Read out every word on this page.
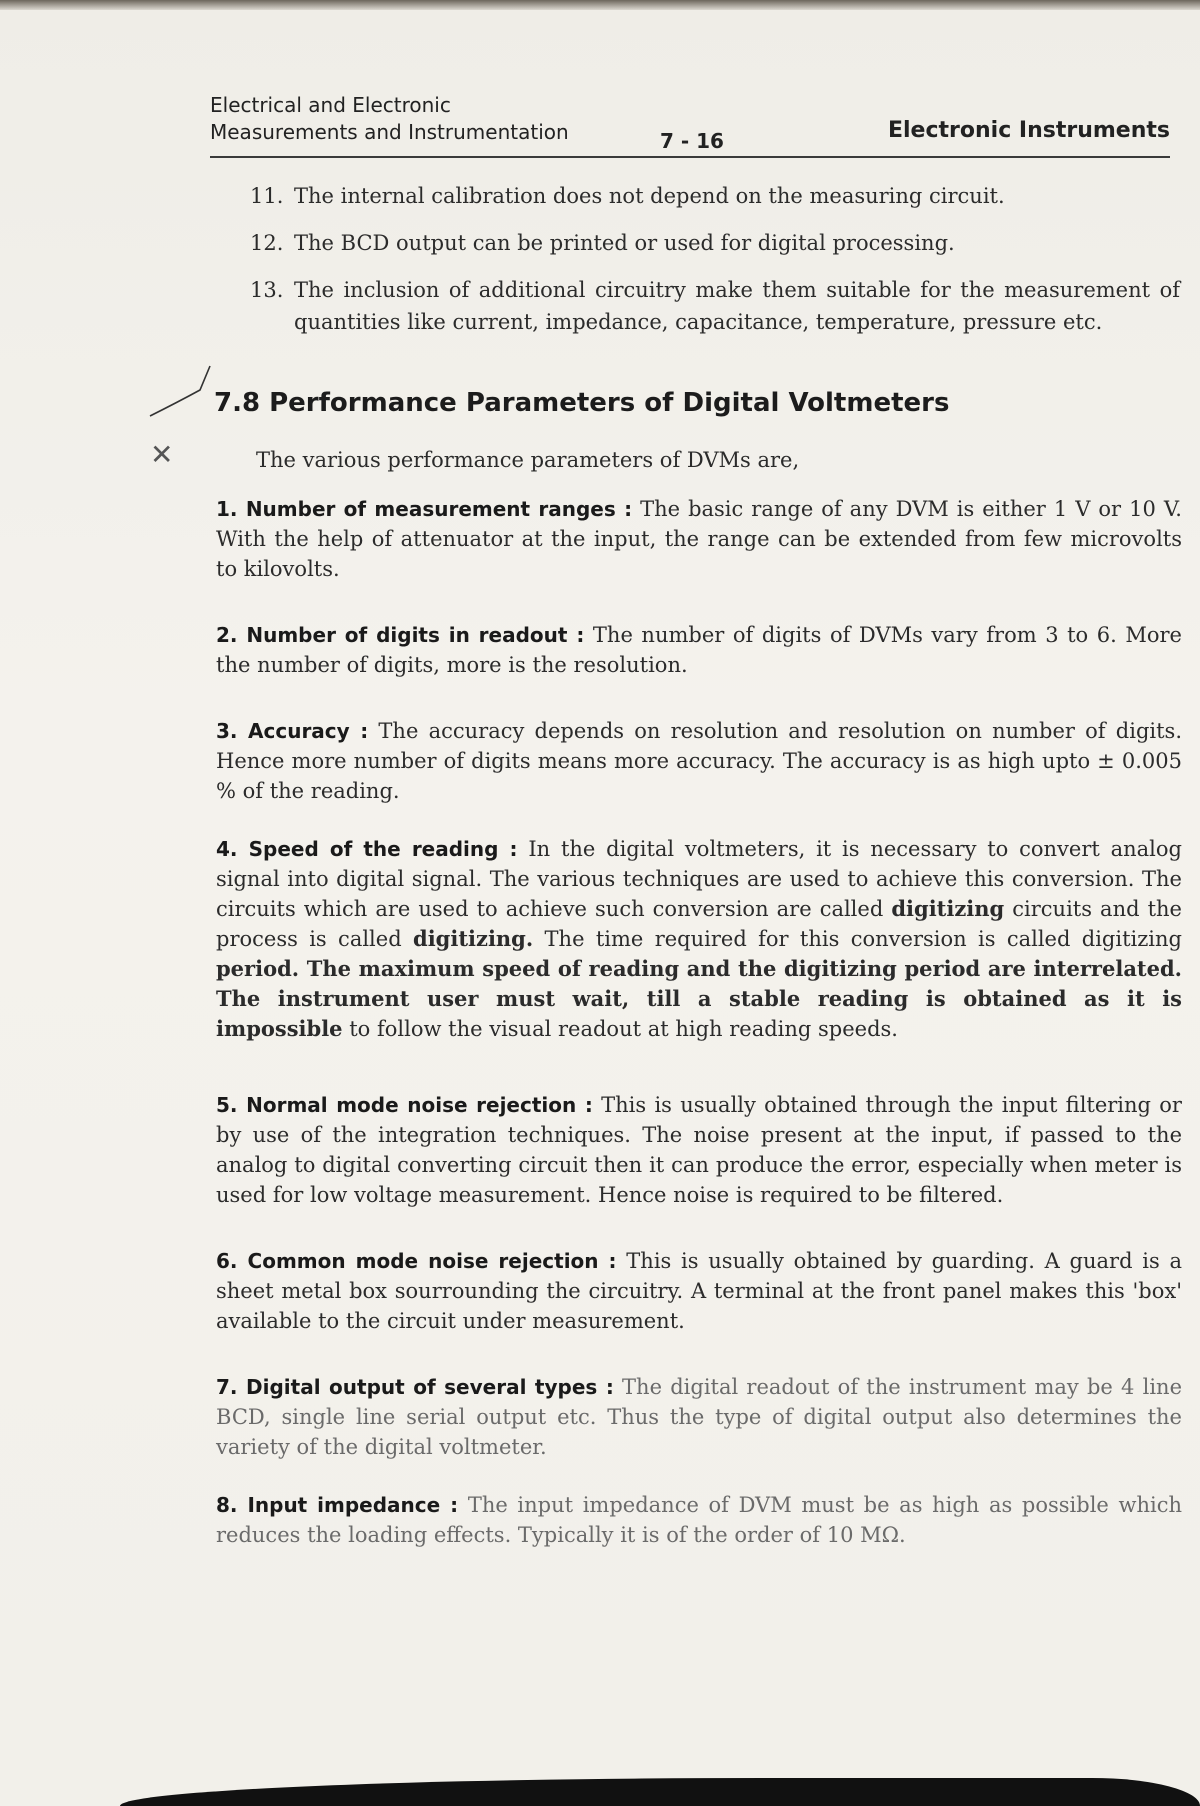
Electrical and Electronic
Measurements and Instrumentation	7 - 16	Electronic Instruments
11. The internal calibration does not depend on the measuring circuit.
12. The BCD output can be printed or used for digital processing.
13. The inclusion of additional circuitry make them suitable for the measurement of quantities like current, impedance, capacitance, temperature, pressure etc.
7.8 Performance Parameters of Digital Voltmeters
✕	The various performance parameters of DVMs are,
1. Number of measurement ranges : The basic range of any DVM is either 1 V or 10 V. With the help of attenuator at the input, the range can be extended from few microvolts to kilovolts.
2. Number of digits in readout : The number of digits of DVMs vary from 3 to 6. More the number of digits, more is the resolution.
3. Accuracy : The accuracy depends on resolution and resolution on number of digits. Hence more number of digits means more accuracy. The accuracy is as high upto ± 0.005 % of the reading.
4. Speed of the reading : In the digital voltmeters, it is necessary to convert analog signal into digital signal. The various techniques are used to achieve this conversion. The circuits which are used to achieve such conversion are called digitizing circuits and the process is called digitizing. The time required for this conversion is called digitizing period. The maximum speed of reading and the digitizing period are interrelated. The instrument user must wait, till a stable reading is obtained as it is impossible to follow the visual readout at high reading speeds.
5. Normal mode noise rejection : This is usually obtained through the input filtering or by use of the integration techniques. The noise present at the input, if passed to the analog to digital converting circuit then it can produce the error, especially when meter is used for low voltage measurement. Hence noise is required to be filtered.
6. Common mode noise rejection : This is usually obtained by guarding. A guard is a sheet metal box sourrounding the circuitry. A terminal at the front panel makes this 'box' available to the circuit under measurement.
7. Digital output of several types : The digital readout of the instrument may be 4 line BCD, single line serial output etc. Thus the type of digital output also determines the variety of the digital voltmeter.
8. Input impedance : The input impedance of DVM must be as high as possible which reduces the loading effects. Typically it is of the order of 10 MΩ.
